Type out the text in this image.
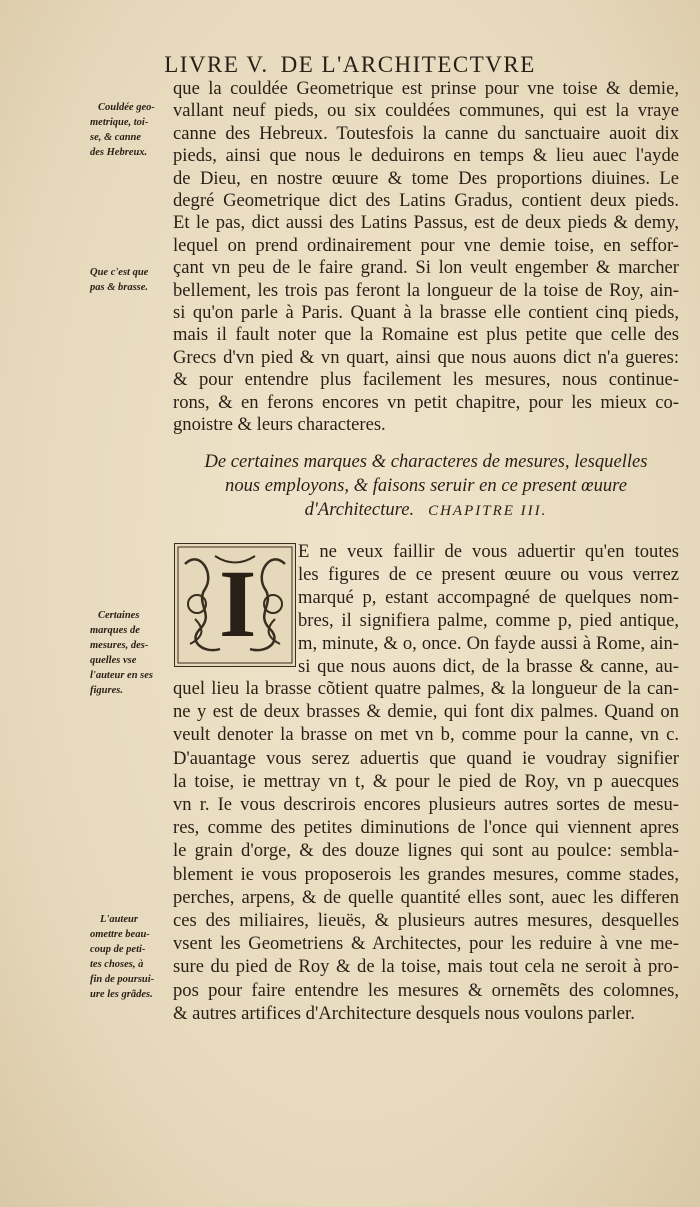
LIVRE V. DE L'ARCHITECTVRE
Couldée geo-
metrique, toi-
se, & canne
des Hebreux.
Que c'est que
pas & brasse.
que la couldée Geometrique est prinse pour vne toise & demie,
vallant neuf pieds, ou six couldées communes, qui est la vraye
canne des Hebreux. Toutesfois la canne du sanctuaire auoit dix
pieds, ainsi que nous le deduirons en temps & lieu auec l'ayde
de Dieu, en nostre œuure & tome Des proportions diuines. Le
degré Geometrique dict des Latins Gradus, contient deux pieds.
Et le pas, dict aussi des Latins Passus, est de deux pieds & demy,
lequel on prend ordinairement pour vne demie toise, en seffor-
çant vn peu de le faire grand. Si lon veult engember & marcher
bellement, les trois pas feront la longueur de la toise de Roy, ain-
si qu'on parle à Paris. Quant à la brasse elle contient cinq pieds,
mais il fault noter que la Romaine est plus petite que celle des
Grecs d'vn pied & vn quart, ainsi que nous auons dict n'a gueres:
& pour entendre plus facilement les mesures, nous continue-
rons, & en ferons encores vn petit chapitre, pour les mieux co-
gnoistre & leurs characteres.
De certaines marques & characteres de mesures, lesquelles
nous employons, & faisons seruir en ce present œuure
d'Architecture. CHAPITRE III.
I E ne veux faillir de vous aduertir qu'en toutes
les figures de ce present œuure ou vous verrez
marqué p, estant accompagné de quelques nom-
bres, il signifiera palme, comme p, pied antique,
m, minute, & o, once. On fayde aussi à Rome, ain-
si que nous auons dict, de la brasse & canne, au-
Certaines
marques de
mesures, des-
quelles vse
l'auteur en ses
figures.	quel lieu la brasse cõtient quatre palmes, & la longueur de la can-
ne y est de deux brasses & demie, qui font dix palmes. Quand on
veult denoter la brasse on met vn b, comme pour la canne, vn c.
D'auantage vous serez aduertis que quand ie voudray signifier
la toise, ie mettray vn t, & pour le pied de Roy, vn p auecques
vn r. Ie vous descrirois encores plusieurs autres sortes de mesu-
res, comme des petites diminutions de l'once qui viennent apres
le grain d'orge, & des douze lignes qui sont au poulce: sembla-
blement ie vous proposerois les grandes mesures, comme stades,
perches, arpens, & de quelle quantité elles sont, auec les differen
ces des miliaires, lieuës, & plusieurs autres mesures, desquelles
vsent les Geometriens & Architectes, pour les reduire à vne me-
sure du pied de Roy & de la toise, mais tout cela ne seroit à pro-
pos pour faire entendre les mesures & ornemẽts des colomnes,
& autres artifices d'Architecture desquels nous voulons parler.
L'auteur
omettre beau-
coup de peti-
tes choses, à
fin de poursui-
ure les grãdes.
